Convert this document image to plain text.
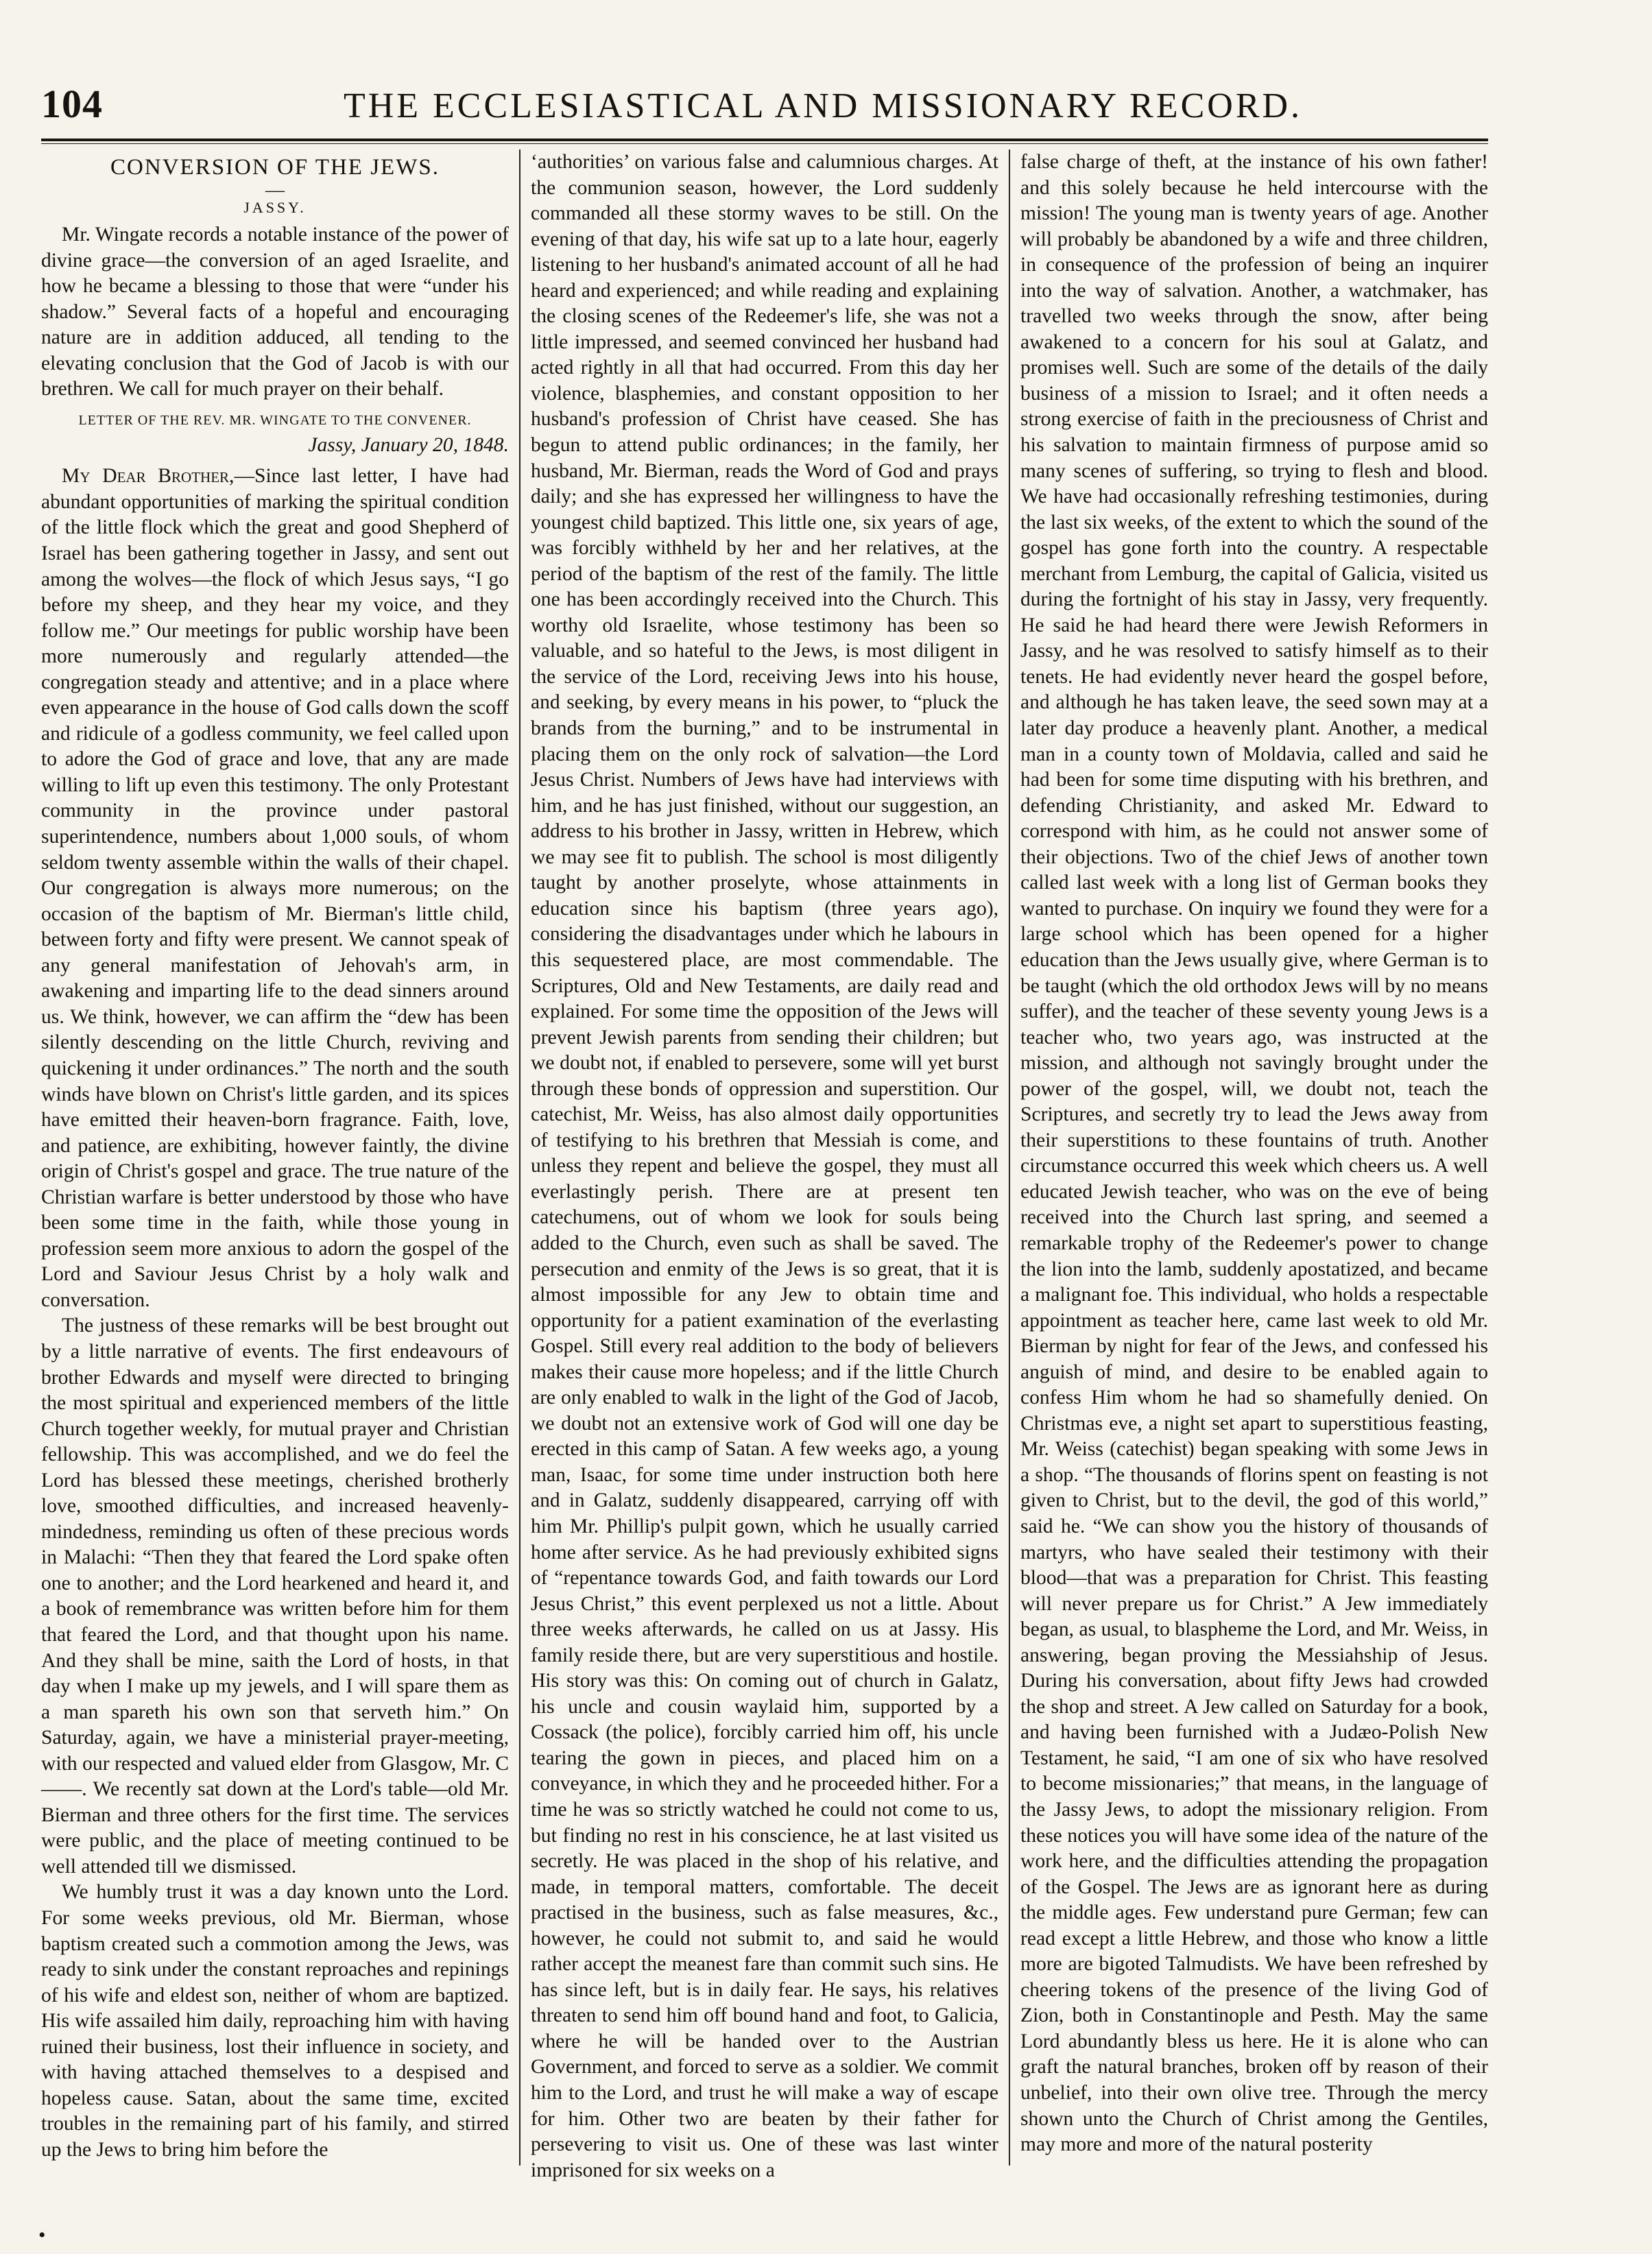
104	THE ECCLESIASTICAL AND MISSIONARY RECORD.
CONVERSION OF THE JEWS.
—
JASSY.

Mr. Wingate records a notable instance of the power of divine grace—the conversion of an aged Israelite, and how he became a blessing to those that were “under his shadow.” Several facts of a hopeful and encouraging nature are in addition adduced, all tending to the elevating conclusion that the God of Jacob is with our brethren. We call for much prayer on their behalf.

LETTER OF THE REV. MR. WINGATE TO THE CONVENER.
Jassy, January 20, 1848.

My Dear Brother,—Since last letter, I have had abundant opportunities of marking the spiritual condition of the little flock which the great and good Shepherd of Israel has been gathering together in Jassy, and sent out among the wolves—the flock of which Jesus says, “I go before my sheep, and they hear my voice, and they follow me.” Our meetings for public worship have been more numerously and regularly attended—the congregation steady and attentive; and in a place where even appearance in the house of God calls down the scoff and ridicule of a godless community, we feel called upon to adore the God of grace and love, that any are made willing to lift up even this testimony. The only Protestant community in the province under pastoral superintendence, numbers about 1,000 souls, of whom seldom twenty assemble within the walls of their chapel. Our congregation is always more numerous; on the occasion of the baptism of Mr. Bierman's little child, between forty and fifty were present. We cannot speak of any general manifestation of Jehovah's arm, in awakening and imparting life to the dead sinners around us. We think, however, we can affirm the “dew has been silently descending on the little Church, reviving and quickening it under ordinances.” The north and the south winds have blown on Christ's little garden, and its spices have emitted their heaven-born fragrance. Faith, love, and patience, are exhibiting, however faintly, the divine origin of Christ's gospel and grace. The true nature of the Christian warfare is better understood by those who have been some time in the faith, while those young in profession seem more anxious to adorn the gospel of the Lord and Saviour Jesus Christ by a holy walk and conversation.

The justness of these remarks will be best brought out by a little narrative of events. The first endeavours of brother Edwards and myself were directed to bringing the most spiritual and experienced members of the little Church together weekly, for mutual prayer and Christian fellowship. This was accomplished, and we do feel the Lord has blessed these meetings, cherished brotherly love, smoothed difficulties, and increased heavenly-mindedness, reminding us often of these precious words in Malachi: “Then they that feared the Lord spake often one to another; and the Lord hearkened and heard it, and a book of remembrance was written before him for them that feared the Lord, and that thought upon his name. And they shall be mine, saith the Lord of hosts, in that day when I make up my jewels, and I will spare them as a man spareth his own son that serveth him.” On Saturday, again, we have a ministerial prayer-meeting, with our respected and valued elder from Glasgow, Mr. C——. We recently sat down at the Lord's table—old Mr. Bierman and three others for the first time. The services were public, and the place of meeting continued to be well attended till we dismissed.

We humbly trust it was a day known unto the Lord. For some weeks previous, old Mr. Bierman, whose baptism created such a commotion among the Jews, was ready to sink under the constant reproaches and repinings of his wife and eldest son, neither of whom are baptized. His wife assailed him daily, reproaching him with having ruined their business, lost their influence in society, and with having attached themselves to a despised and hopeless cause. Satan, about the same time, excited troubles in the remaining part of his family, and stirred up the Jews to bring him before the

‘authorities’ on various false and calumnious charges. At the communion season, however, the Lord suddenly commanded all these stormy waves to be still. On the evening of that day, his wife sat up to a late hour, eagerly listening to her husband's animated account of all he had heard and experienced; and while reading and explaining the closing scenes of the Redeemer's life, she was not a little impressed, and seemed convinced her husband had acted rightly in all that had occurred. From this day her violence, blasphemies, and constant opposition to her husband's profession of Christ have ceased. She has begun to attend public ordinances; in the family, her husband, Mr. Bierman, reads the Word of God and prays daily; and she has expressed her willingness to have the youngest child baptized. This little one, six years of age, was forcibly withheld by her and her relatives, at the period of the baptism of the rest of the family. The little one has been accordingly received into the Church. This worthy old Israelite, whose testimony has been so valuable, and so hateful to the Jews, is most diligent in the service of the Lord, receiving Jews into his house, and seeking, by every means in his power, to “pluck the brands from the burning,” and to be instrumental in placing them on the only rock of salvation—the Lord Jesus Christ. Numbers of Jews have had interviews with him, and he has just finished, without our suggestion, an address to his brother in Jassy, written in Hebrew, which we may see fit to publish. The school is most diligently taught by another proselyte, whose attainments in education since his baptism (three years ago), considering the disadvantages under which he labours in this sequestered place, are most commendable. The Scriptures, Old and New Testaments, are daily read and explained. For some time the opposition of the Jews will prevent Jewish parents from sending their children; but we doubt not, if enabled to persevere, some will yet burst through these bonds of oppression and superstition. Our catechist, Mr. Weiss, has also almost daily opportunities of testifying to his brethren that Messiah is come, and unless they repent and believe the gospel, they must all everlastingly perish. There are at present ten catechumens, out of whom we look for souls being added to the Church, even such as shall be saved. The persecution and enmity of the Jews is so great, that it is almost impossible for any Jew to obtain time and opportunity for a patient examination of the everlasting Gospel. Still every real addition to the body of believers makes their cause more hopeless; and if the little Church are only enabled to walk in the light of the God of Jacob, we doubt not an extensive work of God will one day be erected in this camp of Satan. A few weeks ago, a young man, Isaac, for some time under instruction both here and in Galatz, suddenly disappeared, carrying off with him Mr. Phillip's pulpit gown, which he usually carried home after service. As he had previously exhibited signs of “repentance towards God, and faith towards our Lord Jesus Christ,” this event perplexed us not a little. About three weeks afterwards, he called on us at Jassy. His family reside there, but are very superstitious and hostile. His story was this: On coming out of church in Galatz, his uncle and cousin waylaid him, supported by a Cossack (the police), forcibly carried him off, his uncle tearing the gown in pieces, and placed him on a conveyance, in which they and he proceeded hither. For a time he was so strictly watched he could not come to us, but finding no rest in his conscience, he at last visited us secretly. He was placed in the shop of his relative, and made, in temporal matters, comfortable. The deceit practised in the business, such as false measures, &c., however, he could not submit to, and said he would rather accept the meanest fare than commit such sins. He has since left, but is in daily fear. He says, his relatives threaten to send him off bound hand and foot, to Galicia, where he will be handed over to the Austrian Government, and forced to serve as a soldier. We commit him to the Lord, and trust he will make a way of escape for him. Other two are beaten by their father for persevering to visit us. One of these was last winter imprisoned for six weeks on a

false charge of theft, at the instance of his own father! and this solely because he held intercourse with the mission! The young man is twenty years of age. Another will probably be abandoned by a wife and three children, in consequence of the profession of being an inquirer into the way of salvation. Another, a watchmaker, has travelled two weeks through the snow, after being awakened to a concern for his soul at Galatz, and promises well. Such are some of the details of the daily business of a mission to Israel; and it often needs a strong exercise of faith in the preciousness of Christ and his salvation to maintain firmness of purpose amid so many scenes of suffering, so trying to flesh and blood. We have had occasionally refreshing testimonies, during the last six weeks, of the extent to which the sound of the gospel has gone forth into the country. A respectable merchant from Lemburg, the capital of Galicia, visited us during the fortnight of his stay in Jassy, very frequently. He said he had heard there were Jewish Reformers in Jassy, and he was resolved to satisfy himself as to their tenets. He had evidently never heard the gospel before, and although he has taken leave, the seed sown may at a later day produce a heavenly plant. Another, a medical man in a county town of Moldavia, called and said he had been for some time disputing with his brethren, and defending Christianity, and asked Mr. Edward to correspond with him, as he could not answer some of their objections. Two of the chief Jews of another town called last week with a long list of German books they wanted to purchase. On inquiry we found they were for a large school which has been opened for a higher education than the Jews usually give, where German is to be taught (which the old orthodox Jews will by no means suffer), and the teacher of these seventy young Jews is a teacher who, two years ago, was instructed at the mission, and although not savingly brought under the power of the gospel, will, we doubt not, teach the Scriptures, and secretly try to lead the Jews away from their superstitions to these fountains of truth. Another circumstance occurred this week which cheers us. A well educated Jewish teacher, who was on the eve of being received into the Church last spring, and seemed a remarkable trophy of the Redeemer's power to change the lion into the lamb, suddenly apostatized, and became a malignant foe. This individual, who holds a respectable appointment as teacher here, came last week to old Mr. Bierman by night for fear of the Jews, and confessed his anguish of mind, and desire to be enabled again to confess Him whom he had so shamefully denied. On Christmas eve, a night set apart to superstitious feasting, Mr. Weiss (catechist) began speaking with some Jews in a shop. “The thousands of florins spent on feasting is not given to Christ, but to the devil, the god of this world,” said he. “We can show you the history of thousands of martyrs, who have sealed their testimony with their blood—that was a preparation for Christ. This feasting will never prepare us for Christ.” A Jew immediately began, as usual, to blaspheme the Lord, and Mr. Weiss, in answering, began proving the Messiahship of Jesus. During his conversation, about fifty Jews had crowded the shop and street. A Jew called on Saturday for a book, and having been furnished with a Judæo-Polish New Testament, he said, “I am one of six who have resolved to become missionaries;” that means, in the language of the Jassy Jews, to adopt the missionary religion. From these notices you will have some idea of the nature of the work here, and the difficulties attending the propagation of the Gospel. The Jews are as ignorant here as during the middle ages. Few understand pure German; few can read except a little Hebrew, and those who know a little more are bigoted Talmudists. We have been refreshed by cheering tokens of the presence of the living God of Zion, both in Constantinople and Pesth. May the same Lord abundantly bless us here. He it is alone who can graft the natural branches, broken off by reason of their unbelief, into their own olive tree. Through the mercy shown unto the Church of Christ among the Gentiles, may more and more of the natural posterity

•
